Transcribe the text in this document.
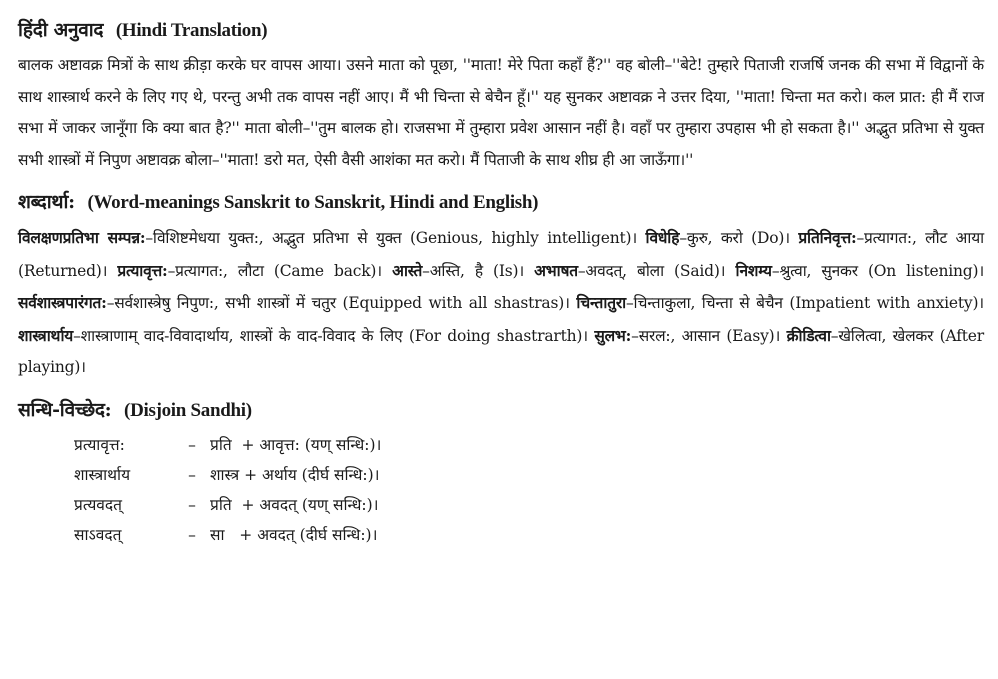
हिंदी अनुवाद (Hindi Translation)

बालक अष्टावक्र मित्रों के साथ क्रीड़ा करके घर वापस आया। उसने माता को पूछा, ''माता! मेरे पिता कहाँ हैं?'' वह बोली–''बेटे! तुम्हारे पिताजी राजर्षि जनक की सभा में विद्वानों के साथ शास्त्रार्थ करने के लिए गए थे, परन्तु अभी तक वापस नहीं आए। मैं भी चिन्ता से बेचैन हूँ।'' यह सुनकर अष्टावक्र ने उत्तर दिया, ''माता! चिन्ता मत करो। कल प्रात: ही मैं राज सभा में जाकर जानूँगा कि क्या बात है?'' माता बोली–''तुम बालक हो। राजसभा में तुम्हारा प्रवेश आसान नहीं है। वहाँ पर तुम्हारा उपहास भी हो सकता है।'' अद्भुत प्रतिभा से युक्त सभी शास्त्रों में निपुण अष्टावक्र बोला–''माता! डरो मत, ऐसी वैसी आशंका मत करो। मैं पिताजी के साथ शीघ्र ही आ जाऊँगा।''

शब्दार्था: (Word-meanings Sanskrit to Sanskrit, Hindi and English)

विलक्षणप्रतिभा सम्पन्न:–विशिष्टमेधया युक्त:, अद्भुत प्रतिभा से युक्त (Genious, highly intelligent)। विधेहि–कुरु, करो (Do)। प्रतिनिवृत्त:–प्रत्यागत:, लौट आया (Returned)। प्रत्यावृत्त:–प्रत्यागत:, लौटा (Came back)। आस्ते–अस्ति, है (Is)। अभाषत–अवदत्, बोला (Said)। निशम्य–श्रुत्वा, सुनकर (On listening)। सर्वशास्त्रपारंगत:–सर्वशास्त्रेषु निपुण:, सभी शास्त्रों में चतुर (Equipped with all shastras)। चिन्तातुरा–चिन्ताकुला, चिन्ता से बेचैन (Impatient with anxiety)। शास्त्रार्थाय–शास्त्राणाम् वाद-विवादार्थाय, शास्त्रों के वाद-विवाद के लिए (For doing shastrarth)। सुलभ:–सरल:, आसान (Easy)। क्रीडित्वा–खेलित्वा, खेलकर (After playing)।

सन्धि-विच्छेद: (Disjoin Sandhi)
प्रत्यावृत्त:	– प्रति  + आवृत्त: (यण् सन्धि:)।
शास्त्रार्थाय	– शास्त्र + अर्थाय (दीर्घ सन्धि:)।
प्रत्यवदत्	– प्रति  + अवदत् (यण् सन्धि:)।
साऽवदत्	– सा   + अवदत् (दीर्घ सन्धि:)।
